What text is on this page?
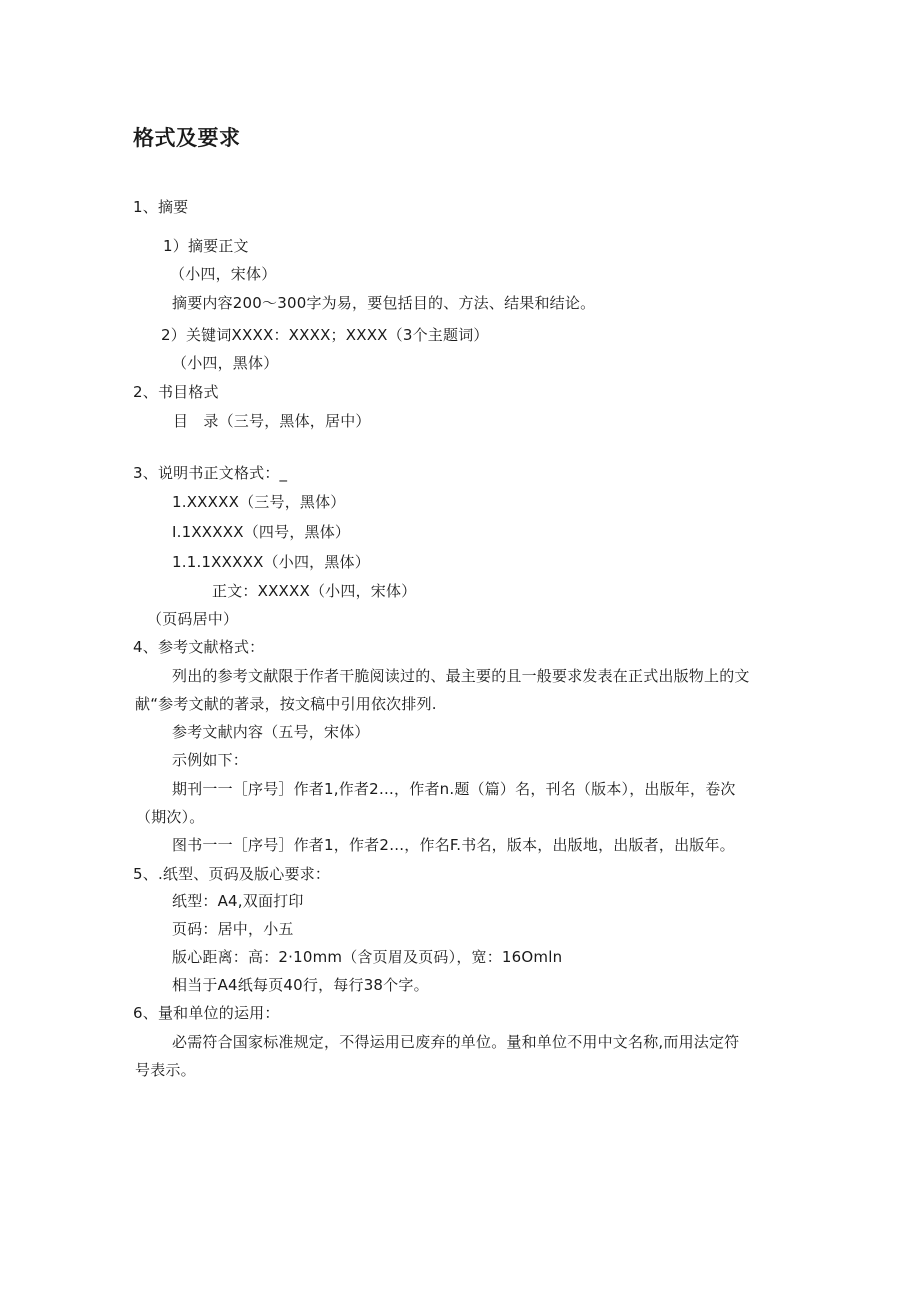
格式及要求
1、摘要
1）摘要正文
（小四，宋体）
摘要内容200～300字为易，要包括目的、方法、结果和结论。
2）关键词XXXX：XXXX；XXXX（3个主题词）
（小四，黑体）
2、书目格式
目　录（三号，黑体，居中）
3、说明书正文格式：_
1.XXXXX（三号，黑体）
I.1XXXXX（四号，黑体）
1.1.1XXXXX（小四，黑体）
正文：XXXXX（小四，宋体）
（页码居中）
4、参考文献格式：
列出的参考文献限于作者干脆阅读过的、最主要的且一般要求发表在正式出版物上的文
献“参考文献的著录，按文稿中引用依次排列.
参考文献内容（五号，宋体）
示例如下：
期刊一一［序号］作者1,作者2…，作者n.题（篇）名，刊名（版本），出版年，卷次
（期次）。
图书一一［序号］作者1，作者2…，作名F.书名，版本，出版地，出版者，出版年。
5、.纸型、页码及版心要求：
纸型：A4,双面打印
页码：居中，小五
版心距离：高：2·10mm（含页眉及页码），宽：16Omln
相当于A4纸每页40行，每行38个字。
6、量和单位的运用：
必需符合国家标准规定，不得运用已废弃的单位。量和单位不用中文名称,而用法定符
号表示。
